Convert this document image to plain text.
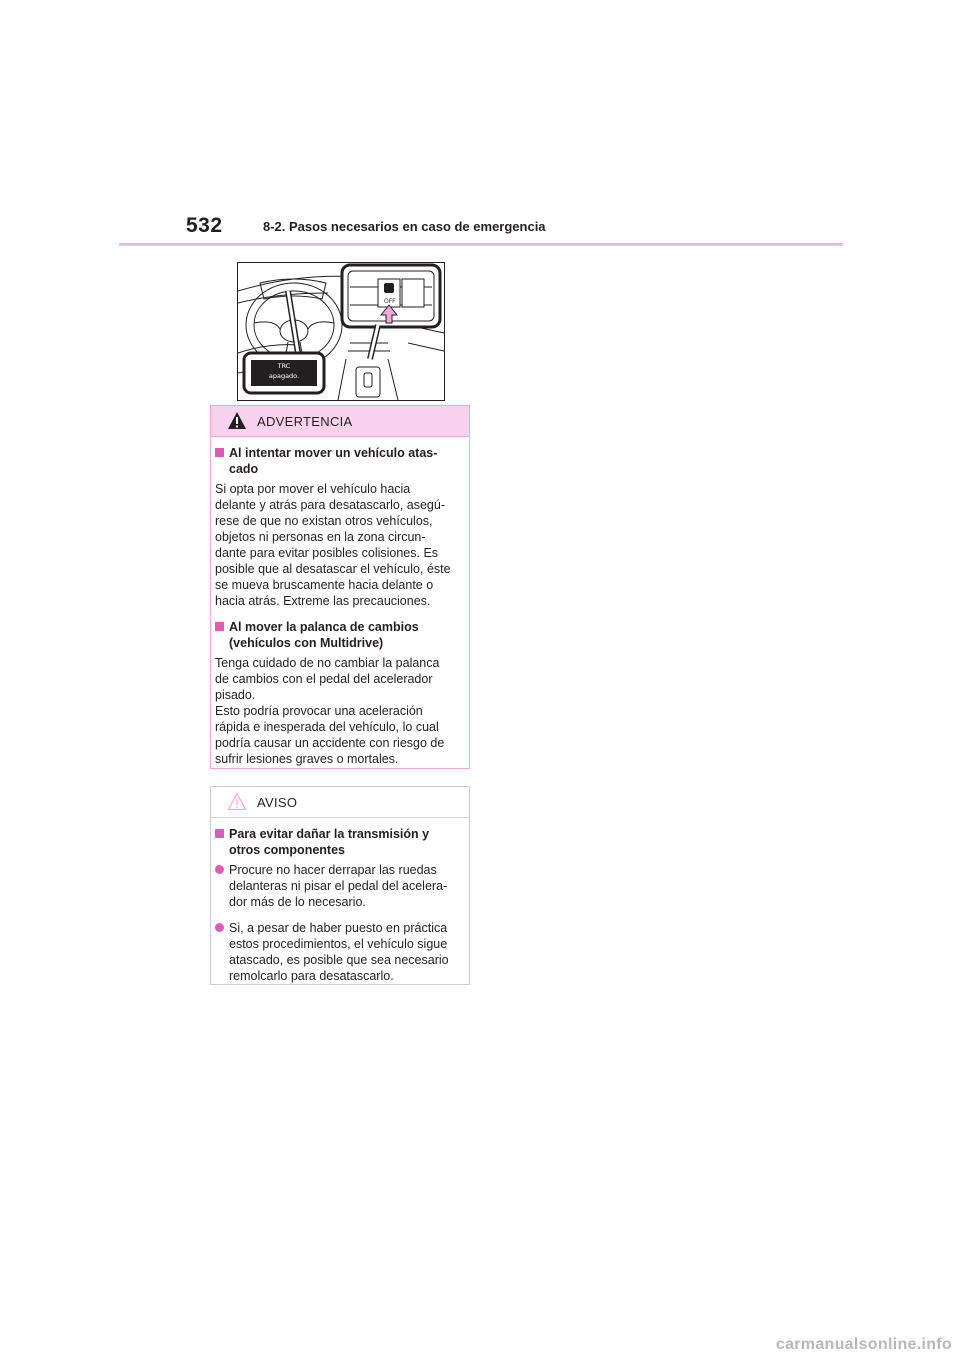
532	8-2. Pasos necesarios en caso de emergencia
OFF
TRC
apagado.
ADVERTENCIA
Al intentar mover un vehículo atas-
cado
Si opta por mover el vehículo hacia
delante y atrás para desatascarlo, asegú-
rese de que no existan otros vehículos,
objetos ni personas en la zona circun-
dante para evitar posibles colisiones. Es
posible que al desatascar el vehículo, éste
se mueva bruscamente hacia delante o
hacia atrás. Extreme las precauciones.
Al mover la palanca de cambios
(vehículos con Multidrive)
Tenga cuidado de no cambiar la palanca
de cambios con el pedal del acelerador
pisado.
Esto podría provocar una aceleración
rápida e inesperada del vehículo, lo cual
podría causar un accidente con riesgo de
sufrir lesiones graves o mortales.
AVISO
Para evitar dañar la transmisión y
otros componentes
Procure no hacer derrapar las ruedas
delanteras ni pisar el pedal del acelera-
dor más de lo necesario.
Si, a pesar de haber puesto en práctica
estos procedimientos, el vehículo sigue
atascado, es posible que sea necesario
remolcarlo para desatascarlo.
carmanualsonline.info
